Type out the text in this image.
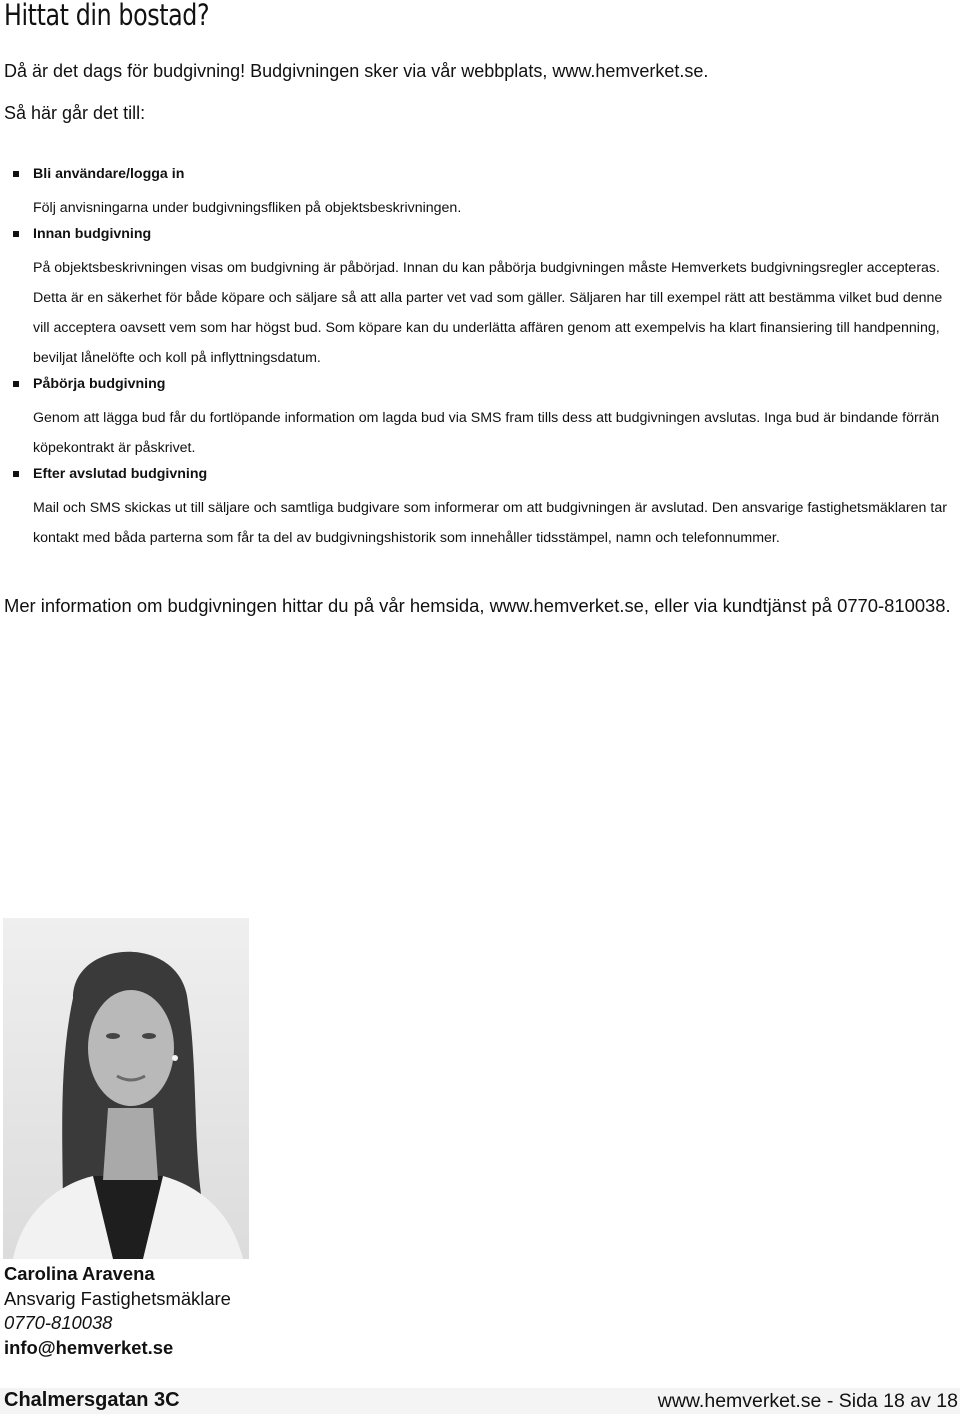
Hittat din bostad?
Då är det dags för budgivning! Budgivningen sker via vår webbplats, www.hemverket.se.
Så här går det till:
Bli användare/logga in
Följ anvisningarna under budgivningsfliken på objektsbeskrivningen.
Innan budgivning
På objektsbeskrivningen visas om budgivning är påbörjad. Innan du kan påbörja budgivningen måste Hemverkets budgivningsregler accepteras. Detta är en säkerhet för både köpare och säljare så att alla parter vet vad som gäller. Säljaren har till exempel rätt att bestämma vilket bud denne vill acceptera oavsett vem som har högst bud. Som köpare kan du underlätta affären genom att exempelvis ha klart finansiering till handpenning, beviljat lånelöfte och koll på inflyttningsdatum.
Påbörja budgivning
Genom att lägga bud får du fortlöpande information om lagda bud via SMS fram tills dess att budgivningen avslutas. Inga bud är bindande förrän köpekontrakt är påskrivet.
Efter avslutad budgivning
Mail och SMS skickas ut till säljare och samtliga budgivare som informerar om att budgivningen är avslutad. Den ansvarige fastighetsmäklaren tar kontakt med båda parterna som får ta del av budgivningshistorik som innehåller tidsstämpel, namn och telefonnummer.
Mer information om budgivningen hittar du på vår hemsida, www.hemverket.se, eller via kundtjänst på 0770-810038.
Carolina Aravena
Ansvarig Fastighetsmäklare
0770-810038
info@hemverket.se
Chalmersgatan 3C	www.hemverket.se - Sida 18 av 18
